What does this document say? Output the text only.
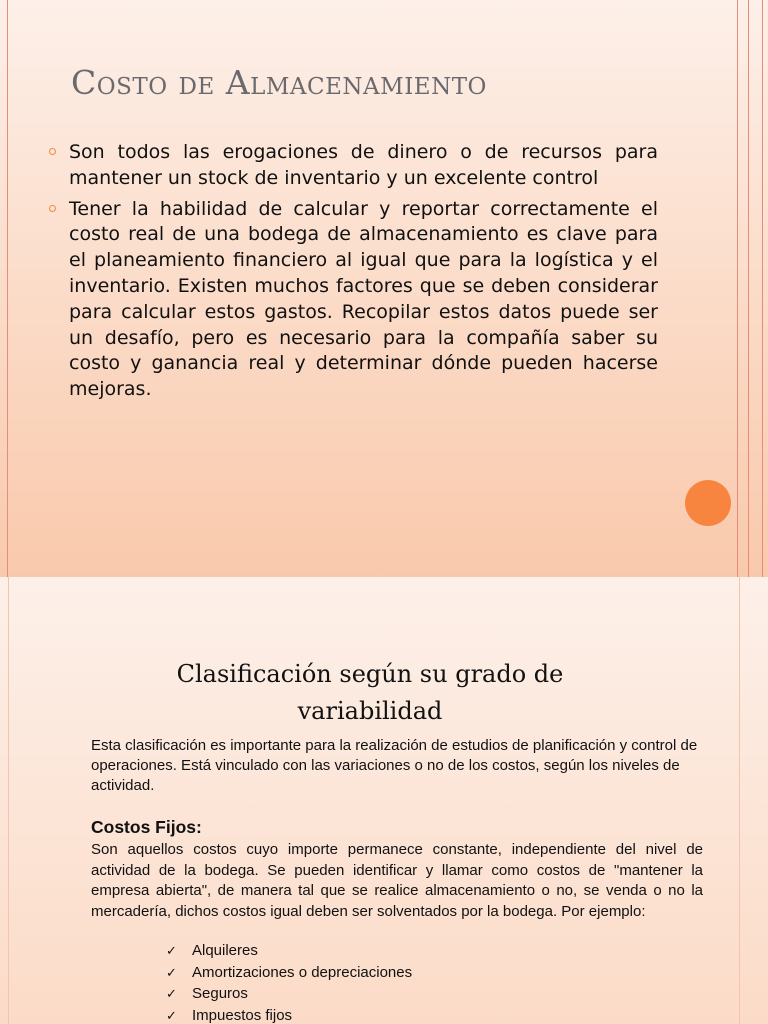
Costo de Almacenamiento
Son todos las erogaciones de dinero o de recursos para mantener un stock de inventario y un excelente control
Tener la habilidad de calcular y reportar correctamente el costo real de una bodega de almacenamiento es clave para el planeamiento financiero al igual que para la logística y el inventario. Existen muchos factores que se deben considerar para calcular estos gastos. Recopilar estos datos puede ser un desafío, pero es necesario para la compañía saber su costo y ganancia real y determinar dónde pueden hacerse mejoras.
Clasificación según su grado de
variabilidad

Esta clasificación es importante para la realización de estudios de planificación y control de operaciones. Está vinculado con las variaciones o no de los costos, según los niveles de actividad.

Costos Fijos:

Son aquellos costos cuyo importe permanece constante, independiente del nivel de actividad de la bodega. Se pueden identificar y llamar como costos de "mantener la empresa abierta", de manera tal que se realice almacenamiento o no, se venda o no la mercadería, dichos costos igual deben ser solventados por la bodega. Por ejemplo:

✓ Alquileres
✓ Amortizaciones o depreciaciones
✓ Seguros
✓ Impuestos fijos
